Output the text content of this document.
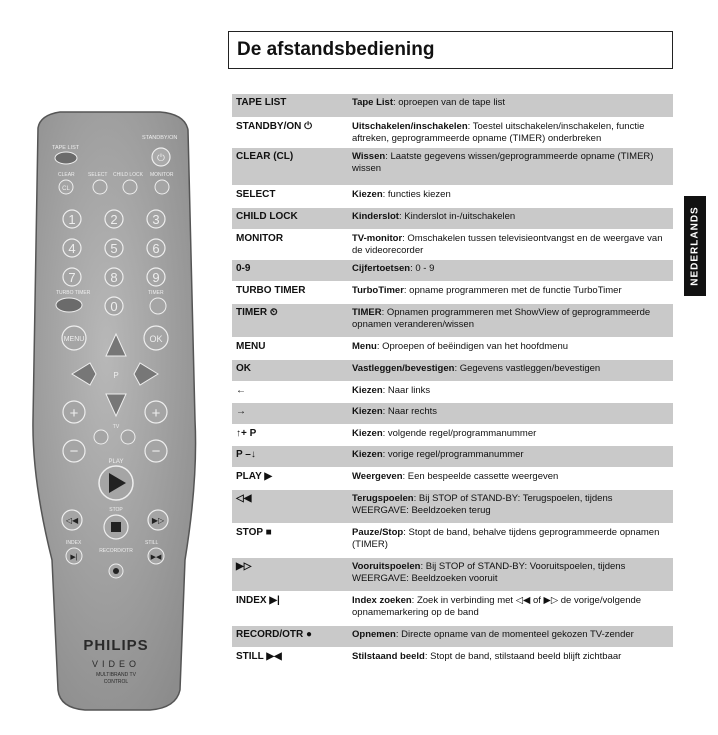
TAPE LIST
STANDBY/ON
⏻
CLEAR	SELECT CHILD LOCK MONITOR
CL
1	2	3
4	5	6
7	8	9
TURBO TIMER	TIMER
0
MENU	OK
P
+	+
TV
−	−
PLAY
STOP
◁◀	▶▷
INDEX	STILL
RECORD/OTR
▶|	▶◀
PHILIPS
VIDEO
MULTIBRAND TV
CONTROL
De afstandsbediening
NEDERLANDS
TAPE LIST	Tape List: oproepen van de tape list
STANDBY/ON ⏻	Uitschakelen/inschakelen: Toestel uitschakelen/inschakelen, functie aftreken, geprogrammeerde opname (TIMER) onderbreken
CLEAR (CL)	Wissen: Laatste gegevens wissen/geprogrammeerde opname (TIMER) wissen
SELECT	Kiezen: functies kiezen
CHILD LOCK	Kinderslot: Kinderslot in-/uitschakelen
MONITOR	TV-monitor: Omschakelen tussen televisieontvangst en de weergave van de videorecorder
0-9	Cijfertoetsen: 0 - 9
TURBO TIMER	TurboTimer: opname programmeren met de functie TurboTimer
TIMER ⏲	TIMER: Opnamen programmeren met ShowView of geprogrammeerde opnamen veranderen/wissen
MENU	Menu: Oproepen of beëindigen van het hoofdmenu
OK	Vastleggen/bevestigen: Gegevens vastleggen/bevestigen
←	Kiezen: Naar links
→	Kiezen: Naar rechts
↑+ P	Kiezen: volgende regel/programmanummer
P –↓	Kiezen: vorige regel/programmanummer
PLAY ▶	Weergeven: Een bespeelde cassette weergeven
◁◀	Terugspoelen: Bij STOP of STAND-BY: Terugspoelen, tijdens WEERGAVE: Beeldzoeken terug
STOP ■	Pauze/Stop: Stopt de band, behalve tijdens geprogrammeerde opnamen (TIMER)
▶▷	Vooruitspoelen: Bij STOP of STAND-BY: Vooruitspoelen, tijdens WEERGAVE: Beeldzoeken vooruit
INDEX ▶|	Index zoeken: Zoek in verbinding met ◁◀ of ▶▷ de vorige/volgende opnamemarkering op de band
RECORD/OTR ●	Opnemen: Directe opname van de momenteel gekozen TV-zender
STILL ▶◀	Stilstaand beeld: Stopt de band, stilstaand beeld blijft zichtbaar
